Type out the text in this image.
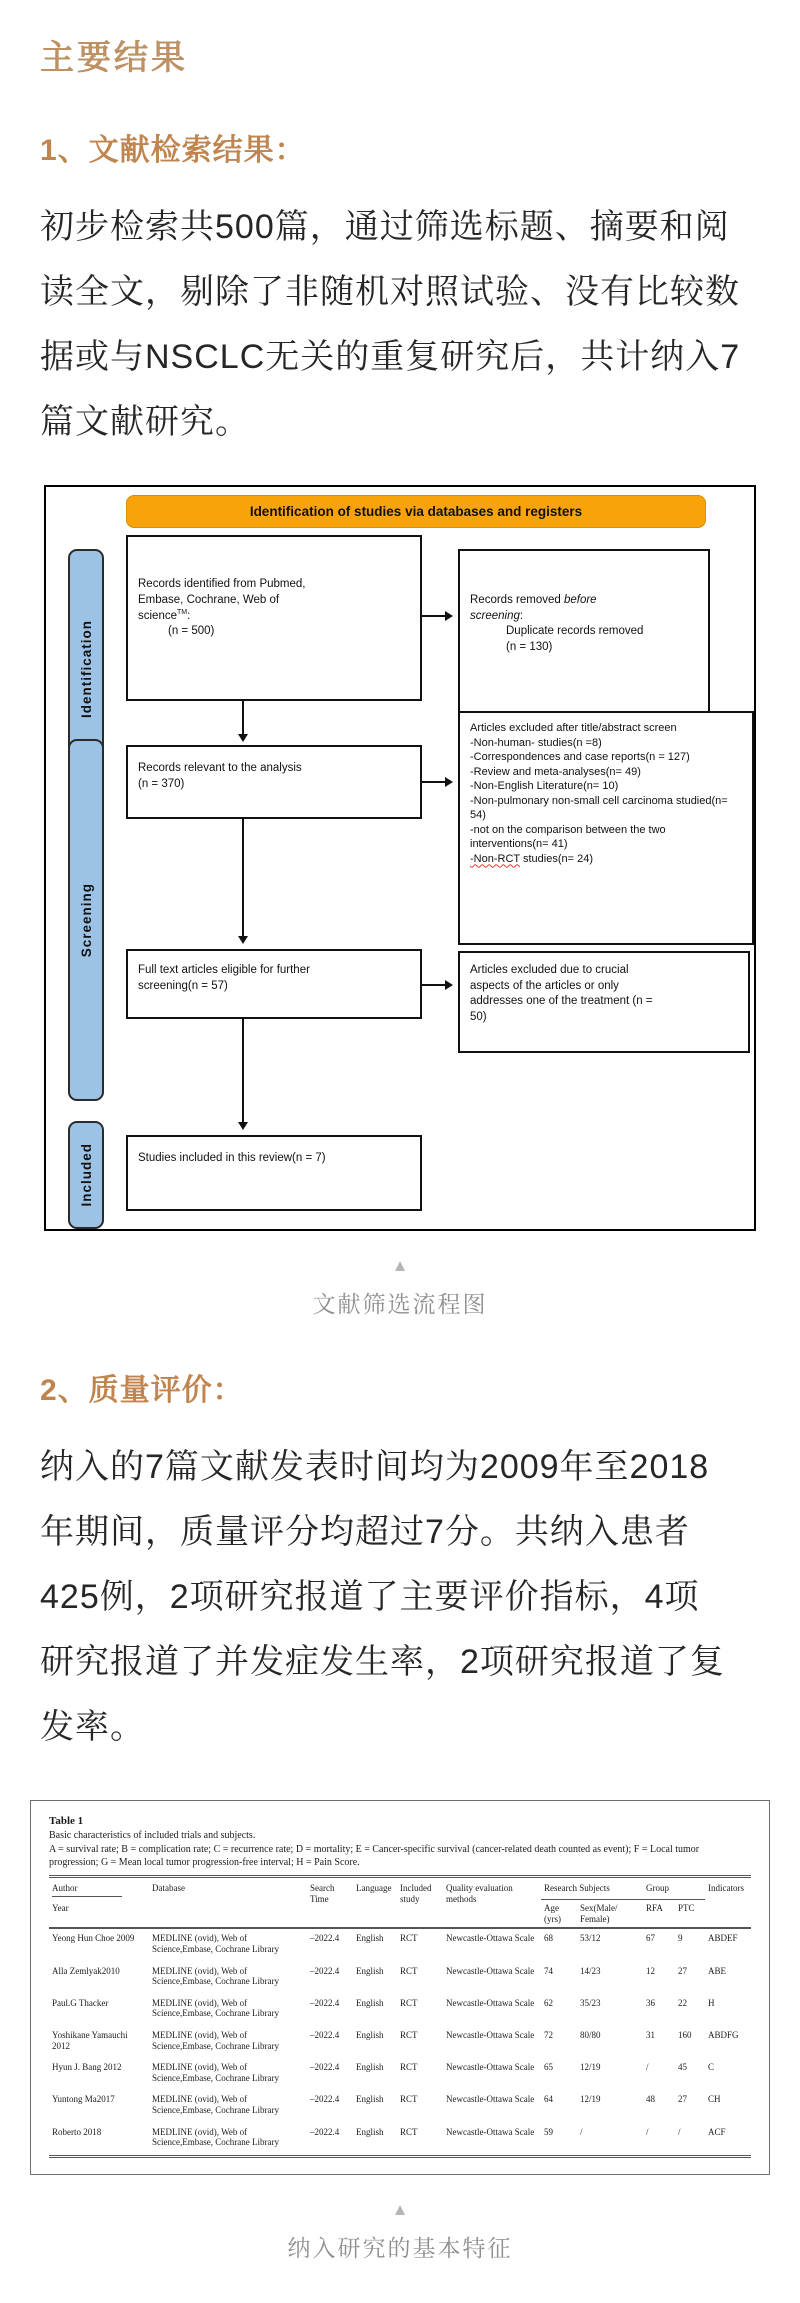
主要结果
1、文献检索结果：

初步检索共500篇，通过筛选标题、摘要和阅
读全文，剔除了非随机对照试验、没有比较数
据或与NSCLC无关的重复研究后，共计纳入7
篇文献研究。

Identification of studies via databases and registers
Identification
Screening
Included
Records identified from Pubmed, Embase, Cochrane, Web of science™:
(n = 500)
Records removed before screening:
Duplicate records removed
(n = 130)
Records relevant to the analysis
(n = 370)
Articles excluded after title/abstract screen
-Non-human- studies(n =8)
-Correspondences and case reports(n = 127)
-Review and meta-analyses(n= 49)
-Non-English Literature(n= 10)
-Non-pulmonary non-small cell carcinoma studied(n= 54)
-not on the comparison between the two interventions(n= 41)
-Non-RCT studies(n= 24)
Full text articles eligible for further screening(n = 57)
Articles excluded due to crucial aspects of the articles or only addresses one of the treatment (n = 50)
Studies included in this review(n = 7)
▲
文献筛选流程图
2、质量评价：

纳入的7篇文献发表时间均为2009年至2018
年期间，质量评分均超过7分。共纳入患者
425例，2项研究报道了主要评价指标，4项
研究报道了并发症发生率，2项研究报道了复
发率。

Table 1
Basic characteristics of included trials and subjects.
A = survival rate; B = complication rate; C = recurrence rate; D = mortality; E = Cancer-specific survival (cancer-related death counted as event); F = Local tumor progression; G = Mean local tumor progression-free interval; H = Pain Score.
Author	Database	Search Time	Language	Included study	Quality evaluation methods	Research Subjects		Group		Indicators
Year						Age (yrs)	Sex(Male/ Female)	RFA	PTC	
Yeong Hun Choe 2009	MEDLINE (ovid), Web of Science,Embase, Cochrane Library	–2022.4	English	RCT	Newcastle-Ottawa Scale	68	53/12	67	9	ABDEF
Alla Zemlyak2010	MEDLINE (ovid), Web of Science,Embase, Cochrane Library	–2022.4	English	RCT	Newcastle-Ottawa Scale	74	14/23	12	27	ABE
Paul.G Thacker	MEDLINE (ovid), Web of Science,Embase, Cochrane Library	–2022.4	English	RCT	Newcastle-Ottawa Scale	62	35/23	36	22	H
Yoshikane Yamauchi 2012	MEDLINE (ovid), Web of Science,Embase, Cochrane Library	–2022.4	English	RCT	Newcastle-Ottawa Scale	72	80/80	31	160	ABDFG
Hyun J. Bang 2012	MEDLINE (ovid), Web of Science,Embase, Cochrane Library	–2022.4	English	RCT	Newcastle-Ottawa Scale	65	12/19	/	45	C
Yuntong Ma2017	MEDLINE (ovid), Web of Science,Embase, Cochrane Library	–2022.4	English	RCT	Newcastle-Ottawa Scale	64	12/19	48	27	CH
Roberto 2018	MEDLINE (ovid), Web of Science,Embase, Cochrane Library	–2022.4	English	RCT	Newcastle-Ottawa Scale	59	/	/	/	ACF
▲
纳入研究的基本特征
